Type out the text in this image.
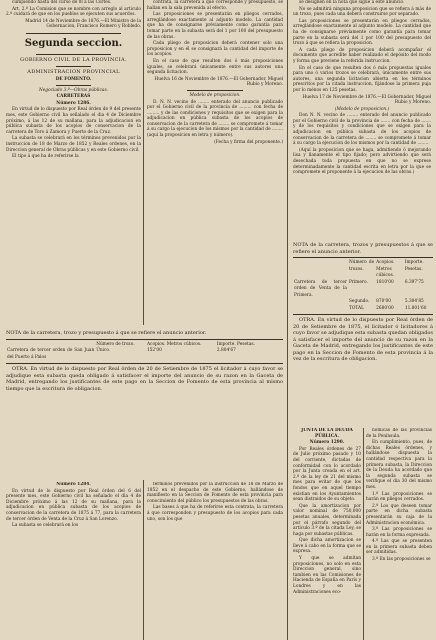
cumpiendo hasta del curso de 0l a las Cortes.

Art. 2.º La Comision que se nombre con arreglo al articulo 2.º cuidará de que en los pueblos se ejecuten sus acuerdos.

Madrid 14 de Noviembre de 1876.—El Ministro de la Gobernacion, Francisco Romero y Robledo.

Segunda seccion.

GOBIERNO CIVIL DE LA PROVINCIA.

ADMINISTRACION PROVINCIAL

DE FOMENTO.

Negociado 3.º—Obras públicas.

CARRETERAS

Número 1286.

En virtud de lo dispuesto por Real órden de 9 del presente mes, este Gobierno civil ha señalado el dia 4 de Diciembre próximo, á las 12 de su mañana, para la adjudicacion en pública subasta de los acopios de conservacion de la carretera de Toro á Zamora y Puerto de la Cruz.

La subasta se celebrará en los términos prevenidos por la instruccion de 18 de Marzo de 1852 y Reales ordenes, en la Direccion general de Obras públicas y en este Gobierno civil.

El tipo á que ha de referirse la

contrata, la carretera á que corresponde y presupuesto, se hallan en la sala prevenida al efecto.

Las proposiciones se presentarán en pliegos cerrados, arreglándose exactamente al adjunto modelo. La cantidad que ha de consignarse préviamente como garantía para tomar parte en la subasta será del 1 por 100 del presupuesto de las obras.

Cada pliego de proposicion deberá contener solo una proposicion y en él se consignará la cantidad del importe de los acopios.

En el caso de que resulten dos ó más proposiciones iguales, se celebrará únicamente entre sus autores una segunda licitacion.

Huelva 16 de Noviembre de 1876.—El Gobernador, Miguel Rubio y Moreno.

Modelo de proposicion.

D. N. N. vecino de ........ enterado del anuncio publicado por el Gobierno civil de la provincia de ......... con fecha de ......... y de las condiciones y requisitos que se exigen para la adjudicacion en pública subasta de los acopios de conservacion de la carretera de ........ se compromete á tomar á su cargo la ejecucion de los mismos por la cantidad de ........ (aquí la proposicion en letra y número).

(Fecha y firma del proponente.)

se designen en la nota que sigue á este anuncio.

No se admitirá ninguna proposicion que se refiera á más de un trozo, pues cada una deberá construirse por separado.

Las proposiciones se presentarán en pliegos cerrados, arreglándose exactamente al adjunto modelo. La cantidad que ha de consignarse préviamente como garantía para tomar parte en la subasta será del 1 por 100 del presupuesto del trozo á que se refiera la proposicion.

A cada pliego de proposicion deberá acompañar el documento que acredite haber realizado el depósito del modo y forma que previene la referida instruccion.

En el caso de que resulten dos ó más propuestas iguales para uno ó varios trozos se celebrará, únicamente entre sus autores, una segunda licitacion abierta en los términos prescritos por la citada instruccion, fijándose la primera puja por lo ménos en 125 pesetas.

Huelva 17 de Noviembre de 1876.—El Gobernador, Miguel Rubio y Moreno.

(Modelo de proposicion.)

Don N. N. vecino de ........ enterado del anuncio publicado por el Gobierno civil de la provincia de ....... con fecha de ....... y de los requisitos y condiciones que se exigen para la adjudicacion en pública subasta de los acopios de conservacion de la carretera de ........ se compromete á tomar á su cargo la ejecucion de los mismos por la cantidad de ........

(Aquí la proposicion que se haga, admitiendo ó mejorando lisa y llanamente el tipo fijado; pero advirtiendo que será desechada toda propuesta en que no se exprese determinadamente la cantidad escrita en letra por la que se compromete el proponente á la ejecucion de las obras.)

NOTA de la carretera, trozos y presupuestos á que se refiere el anuncio anterior.

	Número de trozos.	Acopios. Metros cúbicos.	Importe. Pesetas.
Carretera de tercer orden de Venta de la Primera.	Primero.	1810'00	6.397'75
	Segundo.	870'00	5.304'85
	TOTAL	2680'00	11.801'60

OTRA. En virtud de lo dispuesto por Real órden de 20 de Setiembre de 1875, el licitador ó licitadores á cuyo favor se adjudique esta subasta quedan obligados á satisfacer el importe del anuncio de su razon en la Gaceta de Madrid, entregando los justificantes de este pago en la Seccion de Fomento de esta provincia á la vez de la escritura de obligacion.

NOTA de la carretera, trozo y presupuesto á que se refiere el anuncio anterior.

	Número de trozo.	Acopios. Metros cúbicos.	Importe. Pesetas.
Carretera de tercer orden de San Juan del Puerto á Palos	Único.	152'00	2.804'67

OTRA. En virtud de lo dispuesto por Real órden de 20 de Setiembre de 1875 el licitador á cuyo favor se adjudique esta subasta queda obligado á satisfacer el importe del anuncio de su razon en la Gaceta de Madrid, entregando los justificantes de este pago en la Seccion de Fomento de esta provincia al mismo tiempo que la escritura de obligacion.

Número 1284.

En virtud de lo dispuesto por Real órden del 6 del presente mes, este Gobierno civil ha señalado el dia 4 de Diciembre próximo á las 12 de su mañana, para la adjudicacion en pública subasta de los acopios de conservacion de la carretera de 1875 á 77, para la carretera de tercer órden de Venta de la Cruz á San Lorenzo.

La subasta se celebrará en los

términos prevenidos por la instruccion de 18 de Marzo de 1852 en el despacho de este Gobierno, hallándose de manifiesto en la Seccion de Fomento de esta provincia para conocimiento del público los presupuestos de las obras.

Las bases á que ha de referirse esta contrata, la carretera á que corresponden y presupuesto de los acopios para cada uno, son los que

JUNTA DE LA DEUDA PÚBLICA.

Número 1290.

Por Reales órdenes de 27 de Julio próximo pasado y 10 del corriente, dictadas de conformidad con lo acordado por la Junta creada en el art. 2.º de la ley de 21 del mismo mes para evitar de que los fondos que en aquel tiempo existian en los Ayuntamientos sean distraidos de su objeto.

Que la amortizacion por valor nominal de 750,000 pesetas anuales, determinada por el párrafo segundo del artículo 3.º de la citada Ley, se haga por subastas públicas.

Que dicha amortizacion se lleve á cabo en la forma que se expresa.

Y que se admitan proposiciones, no solo en esta Direccion general, sino tambien en las Comisiones de Hacienda de España en París y Londres y en las Administraciones eco-

nómicas de las provincias de la Península.

En cumplimiento, pues, de dichas Reales órdenes, y hallándose dispuesta la cantidad respectiva para la primera subasta, la Direccion de la Deuda ha acordado que la segunda subasta se verifique el dia 30 del mismo mes.

1.º Las proposiciones se harán en pliegos cerrados.

2.º Los que deseen tomar parte en dicha subasta presentarán su caja de la Administracion económica.

3.º Las proposiciones se harán en la forma expresada.

4.º Las que se presenten en la primera subasta deben ser admitidas.

3.º En las proposiciones se
